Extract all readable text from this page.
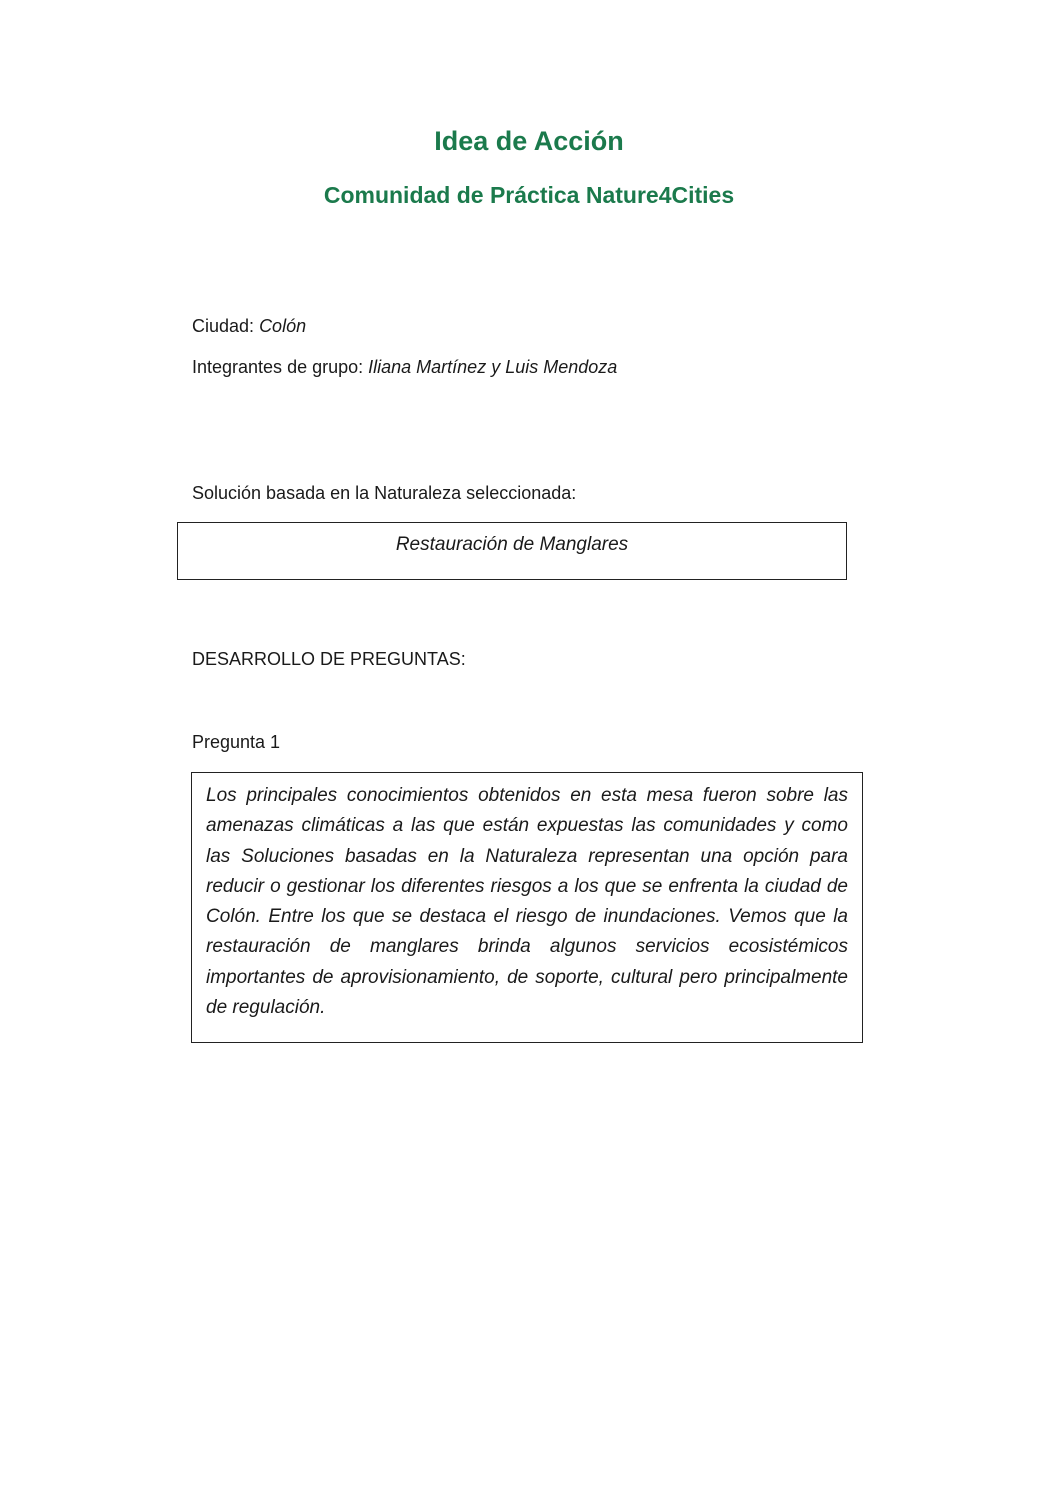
Idea de Acción
Comunidad de Práctica Nature4Cities

Ciudad: Colón

Integrantes de grupo: Iliana Martínez y Luis Mendoza

Solución basada en la Naturaleza seleccionada:

Restauración de Manglares

DESARROLLO DE PREGUNTAS:

Pregunta 1

Los principales conocimientos obtenidos en esta mesa fueron sobre las amenazas climáticas a las que están expuestas las comunidades y como las Soluciones basadas en la Naturaleza representan una opción para reducir o gestionar los diferentes riesgos a los que se enfrenta la ciudad de Colón. Entre los que se destaca el riesgo de inundaciones. Vemos que la restauración de manglares brinda algunos servicios ecosistémicos importantes de aprovisionamiento, de soporte, cultural pero principalmente de regulación.
